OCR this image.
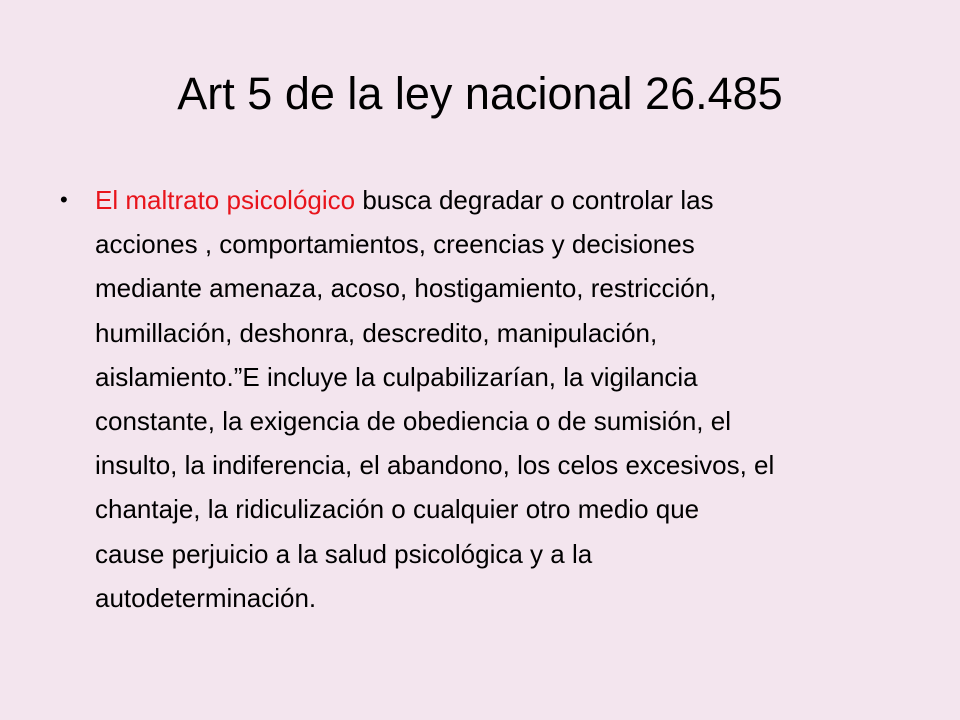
Art 5 de la ley nacional 26.485
• El maltrato psicológico busca degradar o controlar las
acciones , comportamientos, creencias y decisiones
mediante amenaza, acoso, hostigamiento, restricción,
humillación, deshonra, descredito, manipulación,
aislamiento.”E incluye la culpabilizarían, la vigilancia
constante, la exigencia de obediencia o de sumisión, el
insulto, la indiferencia, el abandono, los celos excesivos, el
chantaje, la ridiculización o cualquier otro medio que
cause perjuicio a la salud psicológica y a la
autodeterminación.
